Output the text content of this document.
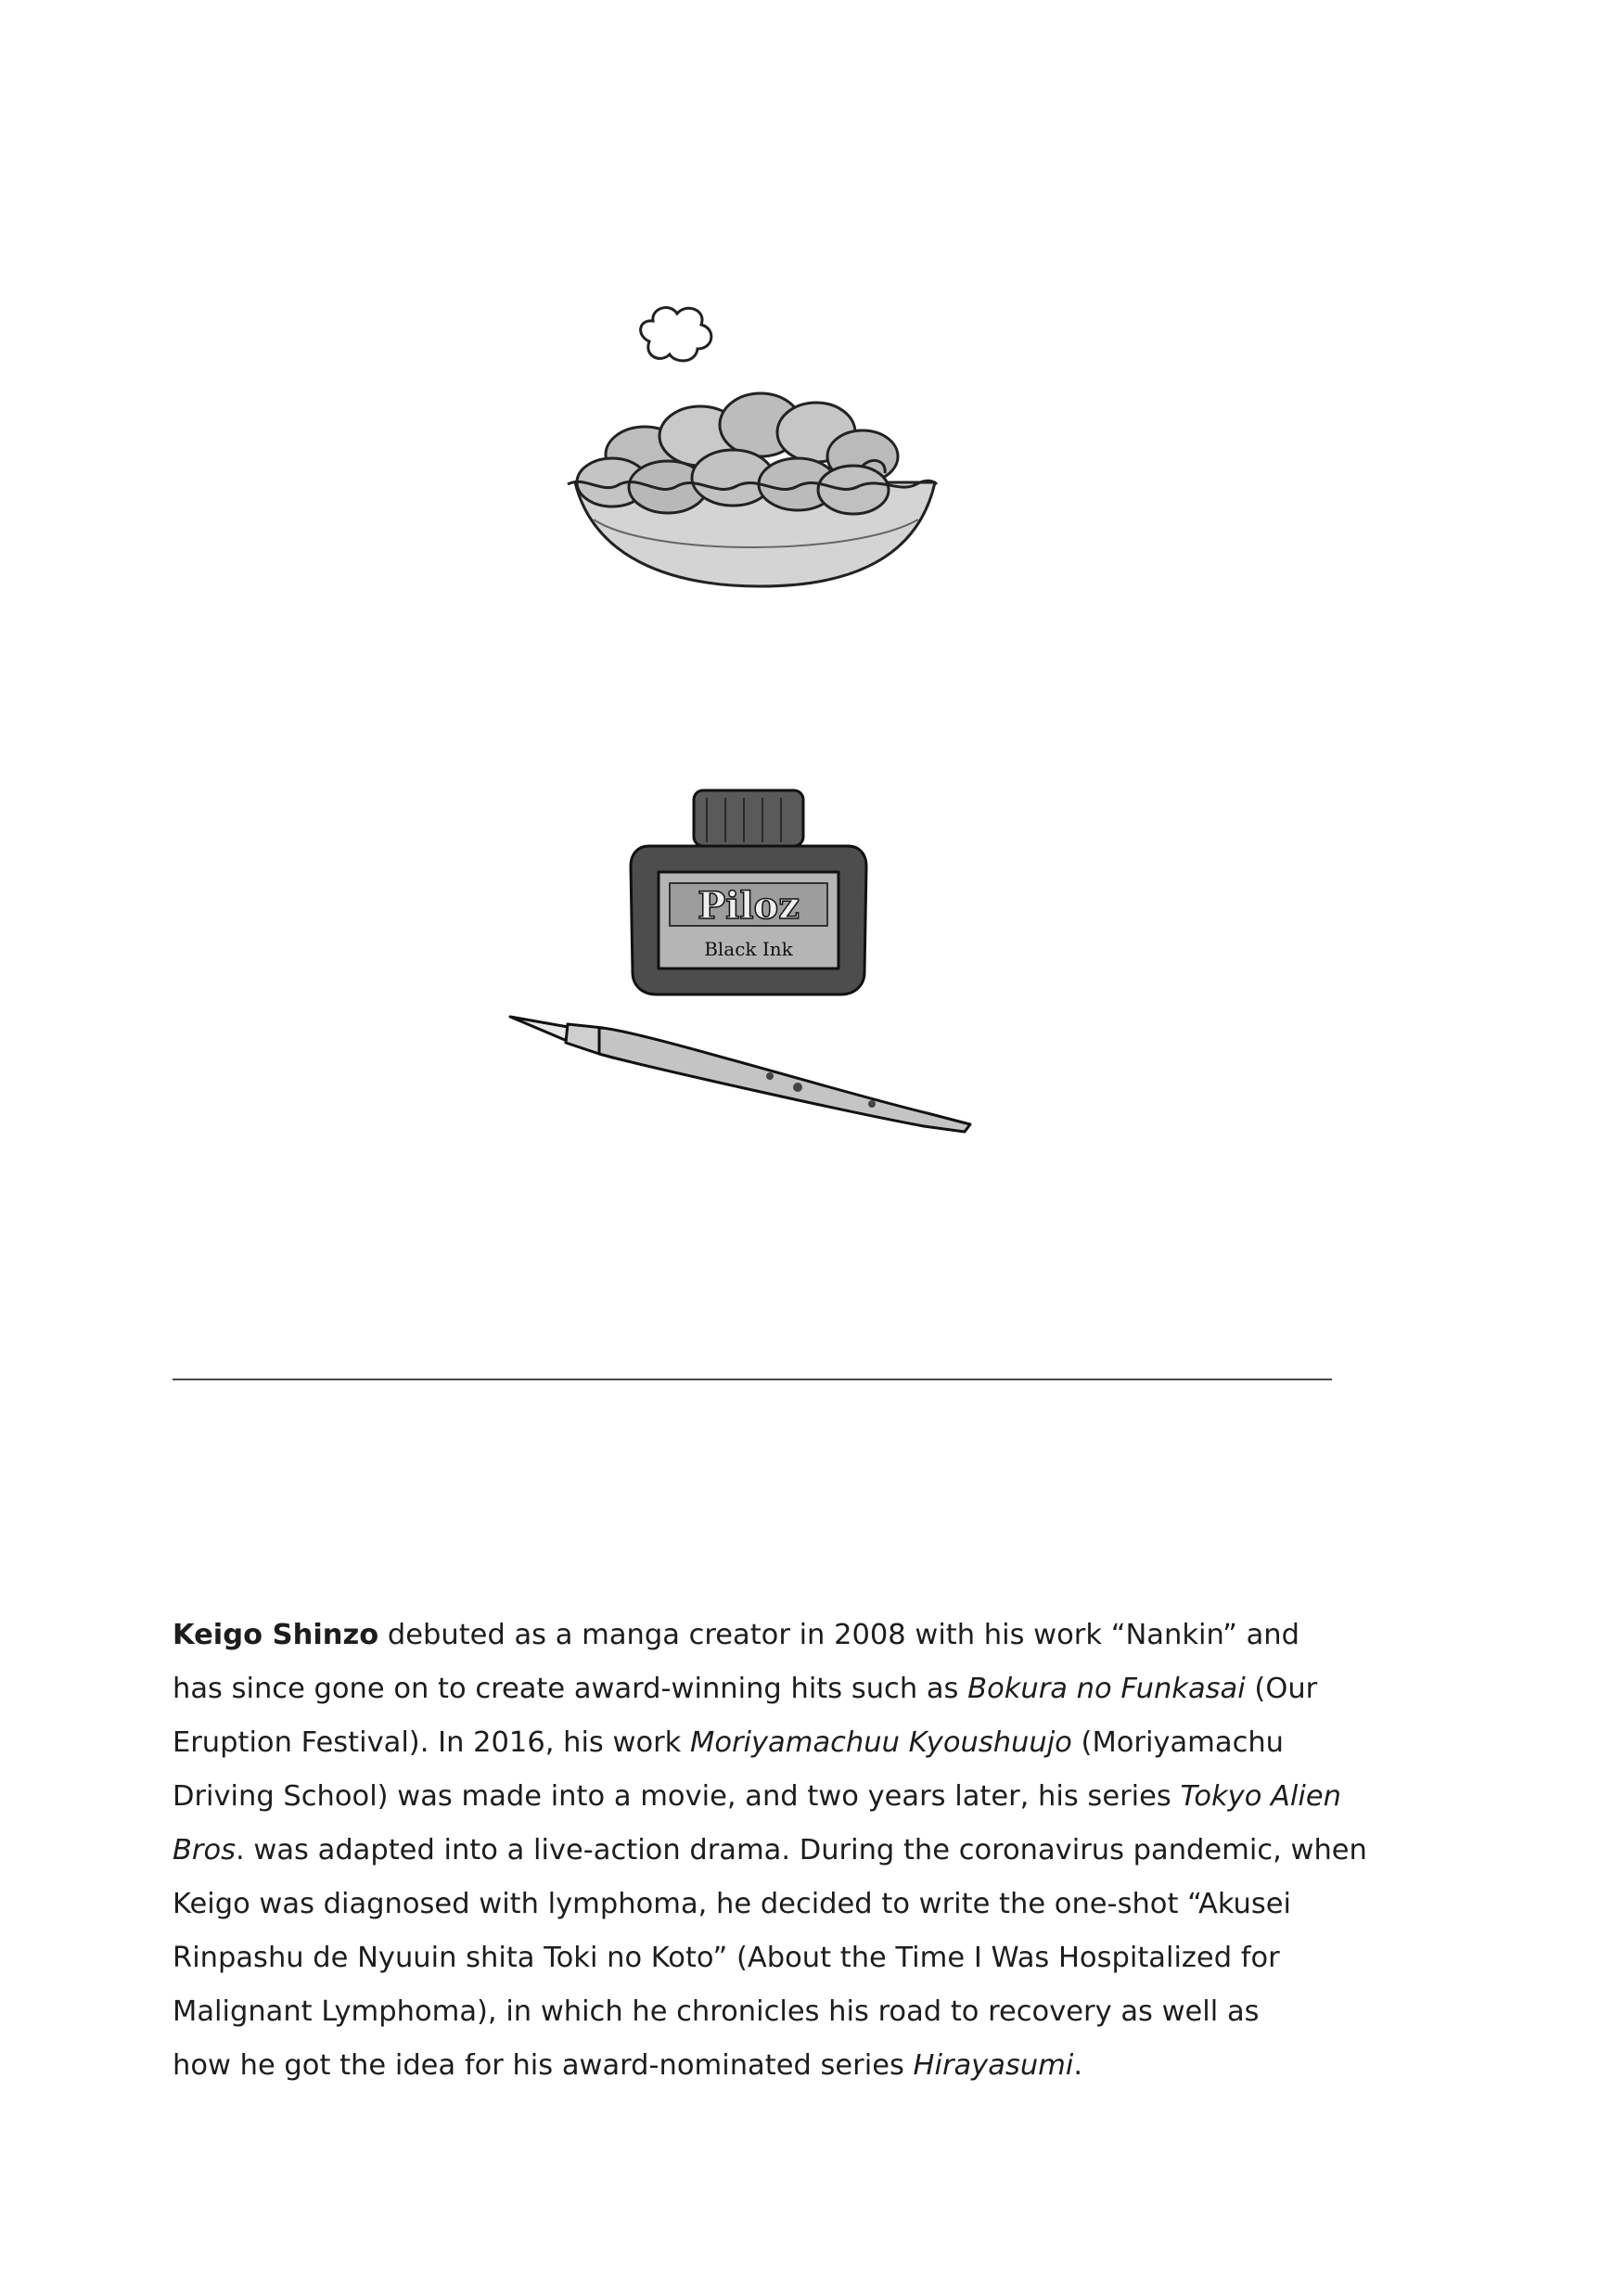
Piloz
Black Ink
Keigo Shinzo debuted as a manga creator in 2008 with his work “Nankin” and
has since gone on to create award-winning hits such as Bokura no Funkasai (Our
Eruption Festival). In 2016, his work Moriyamachuu Kyoushuujo (Moriyamachu
Driving School) was made into a movie, and two years later, his series Tokyo Alien
Bros. was adapted into a live-action drama. During the coronavirus pandemic, when
Keigo was diagnosed with lymphoma, he decided to write the one-shot “Akusei
Rinpashu de Nyuuin shita Toki no Koto” (About the Time I Was Hospitalized for
Malignant Lymphoma), in which he chronicles his road to recovery as well as
how he got the idea for his award-nominated series Hirayasumi.
